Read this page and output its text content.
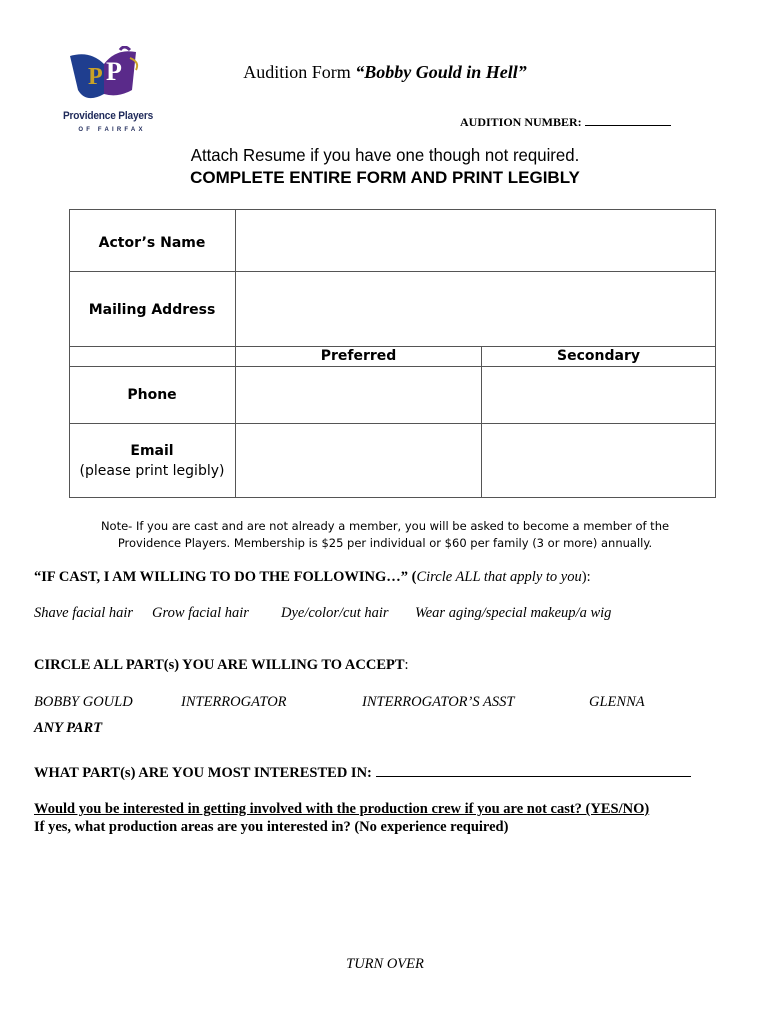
P P
Providence Players
OF FAIRFAX
Audition Form “Bobby Gould in Hell”
AUDITION NUMBER:
Attach Resume if you have one though not required.
COMPLETE ENTIRE FORM AND PRINT LEGIBLY
Actor’s Name
Mailing Address
Preferred	Secondary
Phone
Email
(please print legibly)
Note- If you are cast and are not already a member, you will be asked to become a member of the
Providence Players. Membership is $25 per individual or $60 per family (3 or more) annually.
“IF CAST, I AM WILLING TO DO THE FOLLOWING…” (Circle ALL that apply to you):
Shave facial hair Grow facial hair Dye/color/cut hair Wear aging/special makeup/a wig
CIRCLE ALL PART(s) YOU ARE WILLING TO ACCEPT:
BOBBY GOULD	INTERROGATOR	INTERROGATOR’S ASST	GLENNA
ANY PART
WHAT PART(s) ARE YOU MOST INTERESTED IN:
Would you be interested in getting involved with the production crew if you are not cast? (YES/NO)
If yes, what production areas are you interested in? (No experience required)
TURN OVER
